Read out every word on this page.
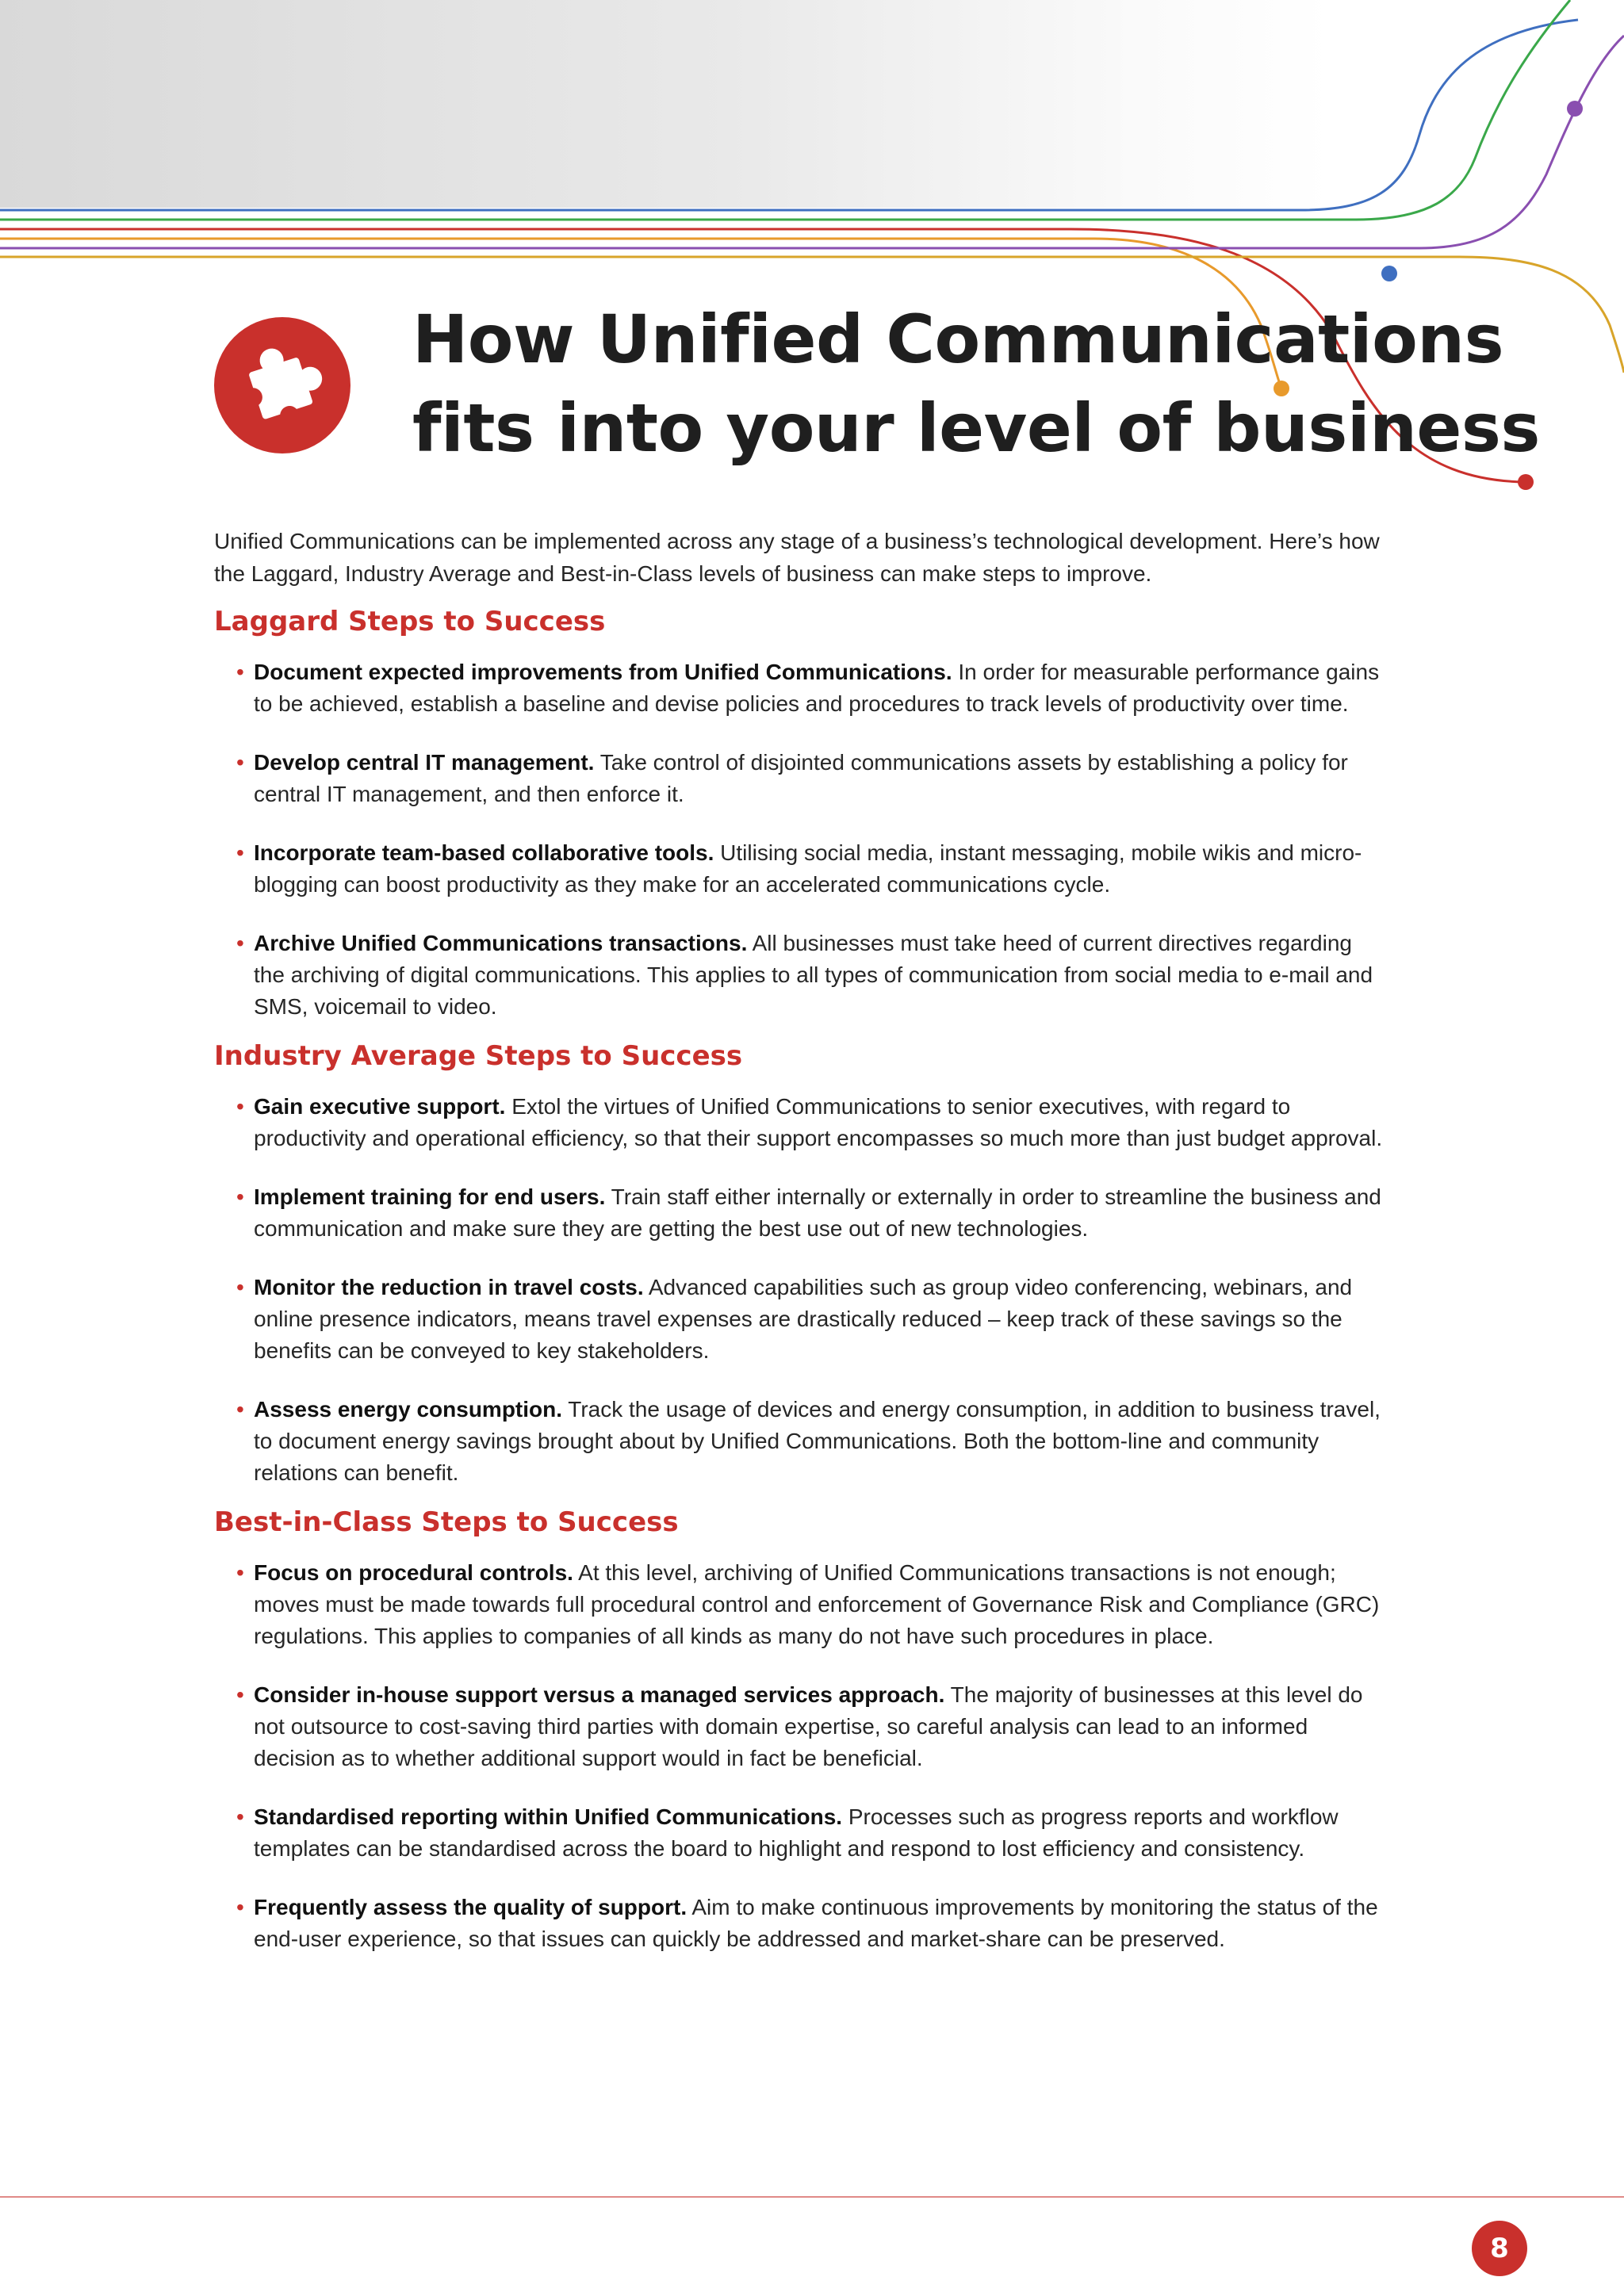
How Unified Communications
fits into your level of business

Unified Communications can be implemented across any stage of a business’s technological development. Here’s how the Laggard, Industry Average and Best-in-Class levels of business can make steps to improve.

Laggard Steps to Success
• Document expected improvements from Unified Communications. In order for measurable performance gains to be achieved, establish a baseline and devise policies and procedures to track levels of productivity over time.
• Develop central IT management. Take control of disjointed communications assets by establishing a policy for central IT management, and then enforce it.
• Incorporate team-based collaborative tools. Utilising social media, instant messaging, mobile wikis and micro-blogging can boost productivity as they make for an accelerated communications cycle.
• Archive Unified Communications transactions. All businesses must take heed of current directives regarding the archiving of digital communications. This applies to all types of communication from social media to e-mail and SMS, voicemail to video.
Industry Average Steps to Success
• Gain executive support. Extol the virtues of Unified Communications to senior executives, with regard to productivity and operational efficiency, so that their support encompasses so much more than just budget approval.
• Implement training for end users. Train staff either internally or externally in order to streamline the business and communication and make sure they are getting the best use out of new technologies.
• Monitor the reduction in travel costs. Advanced capabilities such as group video conferencing, webinars, and online presence indicators, means travel expenses are drastically reduced – keep track of these savings so the benefits can be conveyed to key stakeholders.
• Assess energy consumption. Track the usage of devices and energy consumption, in addition to business travel, to document energy savings brought about by Unified Communications. Both the bottom-line and community relations can benefit.
Best-in-Class Steps to Success
• Focus on procedural controls. At this level, archiving of Unified Communications transactions is not enough; moves must be made towards full procedural control and enforcement of Governance Risk and Compliance (GRC) regulations. This applies to companies of all kinds as many do not have such procedures in place.
• Consider in-house support versus a managed services approach. The majority of businesses at this level do not outsource to cost-saving third parties with domain expertise, so careful analysis can lead to an informed decision as to whether additional support would in fact be beneficial.
• Standardised reporting within Unified Communications. Processes such as progress reports and workflow templates can be standardised across the board to highlight and respond to lost efficiency and consistency.
• Frequently assess the quality of support. Aim to make continuous improvements by monitoring the status of the end-user experience, so that issues can quickly be addressed and market-share can be preserved.
8
